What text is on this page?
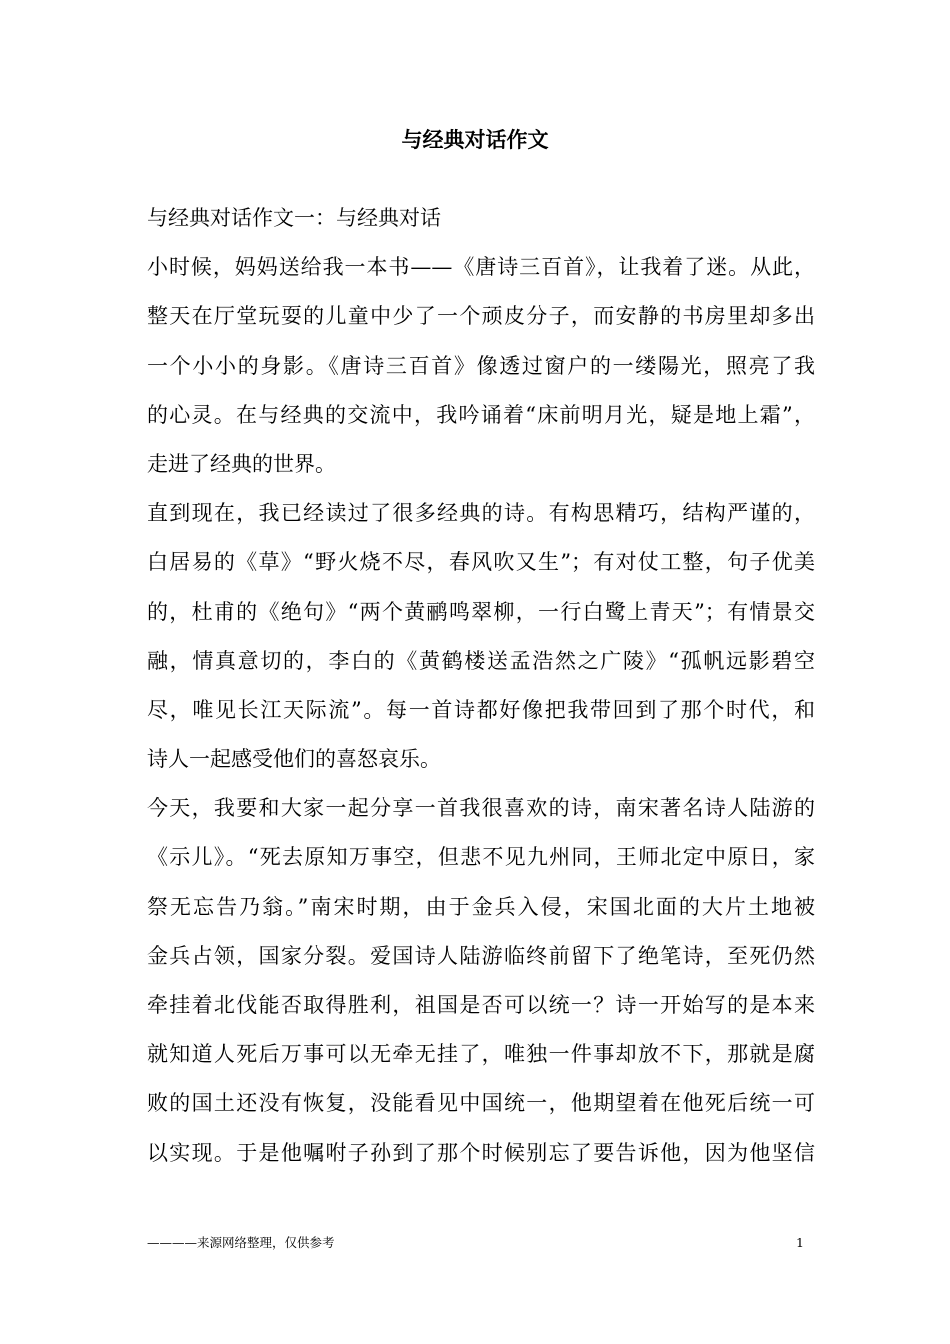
与经典对话作文
与经典对话作文一：与经典对话
小时候，妈妈送给我一本书——《唐诗三百首》，让我着了迷。从此，
整天在厅堂玩耍的儿童中少了一个顽皮分子，而安静的书房里却多出
一个小小的身影。《唐诗三百首》像透过窗户的一缕陽光，照亮了我
的心灵。在与经典的交流中，我吟诵着“床前明月光，疑是地上霜”，
走进了经典的世界。
直到现在，我已经读过了很多经典的诗。有构思精巧，结构严谨的，
白居易的《草》“野火烧不尽，春风吹又生”；有对仗工整，句子优美
的，杜甫的《绝句》“两个黄鹂鸣翠柳，一行白鹭上青天”；有情景交
融，情真意切的，李白的《黄鹤楼送孟浩然之广陵》“孤帆远影碧空
尽，唯见长江天际流”。每一首诗都好像把我带回到了那个时代，和
诗人一起感受他们的喜怒哀乐。
今天，我要和大家一起分享一首我很喜欢的诗，南宋著名诗人陆游的
《示儿》。“死去原知万事空，但悲不见九州同，王师北定中原日，家
祭无忘告乃翁。”南宋时期，由于金兵入侵，宋国北面的大片土地被
金兵占领，国家分裂。爱国诗人陆游临终前留下了绝笔诗，至死仍然
牵挂着北伐能否取得胜利，祖国是否可以统一？诗一开始写的是本来
就知道人死后万事可以无牵无挂了，唯独一件事却放不下，那就是腐
败的国土还没有恢复，没能看见中国统一，他期望着在他死后统一可
以实现。于是他嘱咐子孙到了那个时候别忘了要告诉他，因为他坚信
————来源网络整理，仅供参考	1
